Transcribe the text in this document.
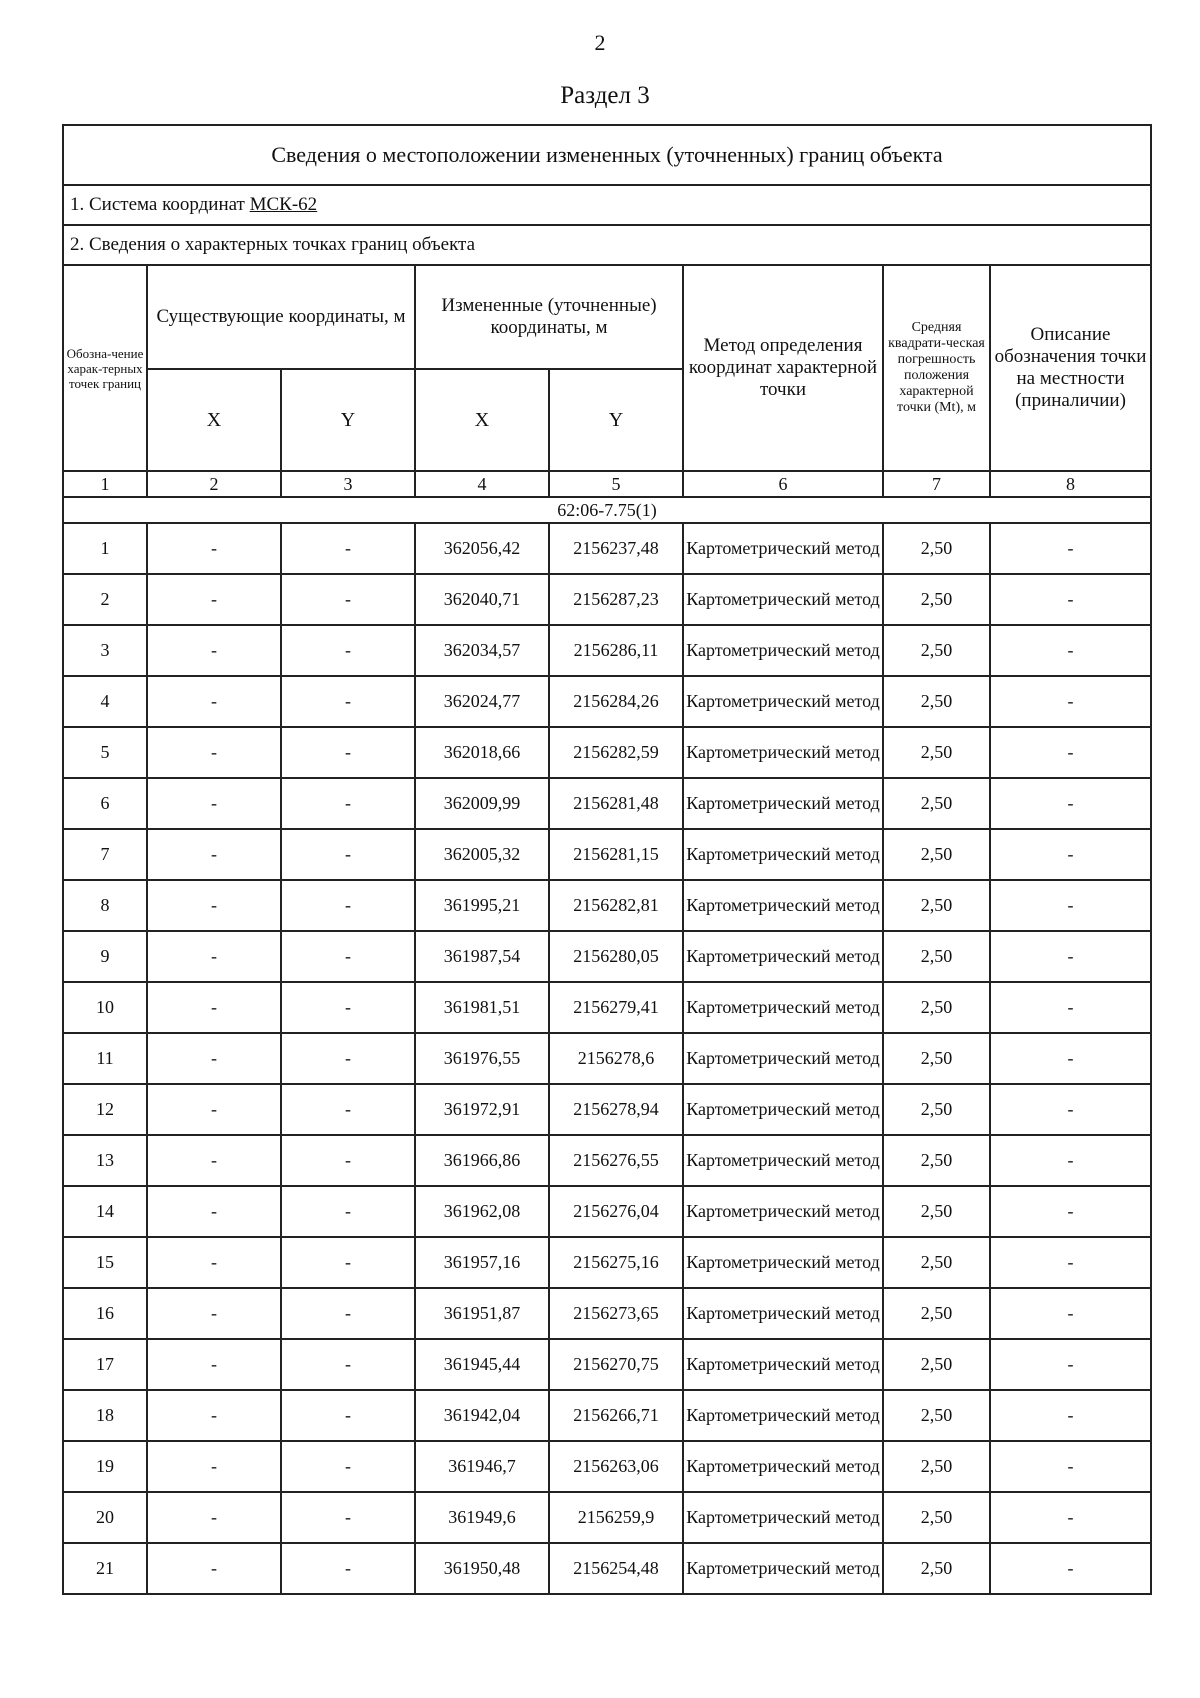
2
Раздел 3
Сведения о местоположении измененных (уточненных) границ объекта							
1. Система координат МСК-62							
2. Сведения о характерных точках границ объекта							
Обозна-чение харак-терных точек границ	Существующие координаты, м		Измененные (уточненные) координаты, м		Метод определения координат характерной точки	Средняя квадрати-ческая погрешность положения характерной точки (Mt), м	Описание обозначения точки на местности (приналичии)
	X	Y	X	Y			
1	2	3	4	5	6	7	8
62:06-7.75(1)							
1	-	-	362056,42	2156237,48	Картометрический метод	2,50	-
2	-	-	362040,71	2156287,23	Картометрический метод	2,50	-
3	-	-	362034,57	2156286,11	Картометрический метод	2,50	-
4	-	-	362024,77	2156284,26	Картометрический метод	2,50	-
5	-	-	362018,66	2156282,59	Картометрический метод	2,50	-
6	-	-	362009,99	2156281,48	Картометрический метод	2,50	-
7	-	-	362005,32	2156281,15	Картометрический метод	2,50	-
8	-	-	361995,21	2156282,81	Картометрический метод	2,50	-
9	-	-	361987,54	2156280,05	Картометрический метод	2,50	-
10	-	-	361981,51	2156279,41	Картометрический метод	2,50	-
11	-	-	361976,55	2156278,6	Картометрический метод	2,50	-
12	-	-	361972,91	2156278,94	Картометрический метод	2,50	-
13	-	-	361966,86	2156276,55	Картометрический метод	2,50	-
14	-	-	361962,08	2156276,04	Картометрический метод	2,50	-
15	-	-	361957,16	2156275,16	Картометрический метод	2,50	-
16	-	-	361951,87	2156273,65	Картометрический метод	2,50	-
17	-	-	361945,44	2156270,75	Картометрический метод	2,50	-
18	-	-	361942,04	2156266,71	Картометрический метод	2,50	-
19	-	-	361946,7	2156263,06	Картометрический метод	2,50	-
20	-	-	361949,6	2156259,9	Картометрический метод	2,50	-
21	-	-	361950,48	2156254,48	Картометрический метод	2,50	-
